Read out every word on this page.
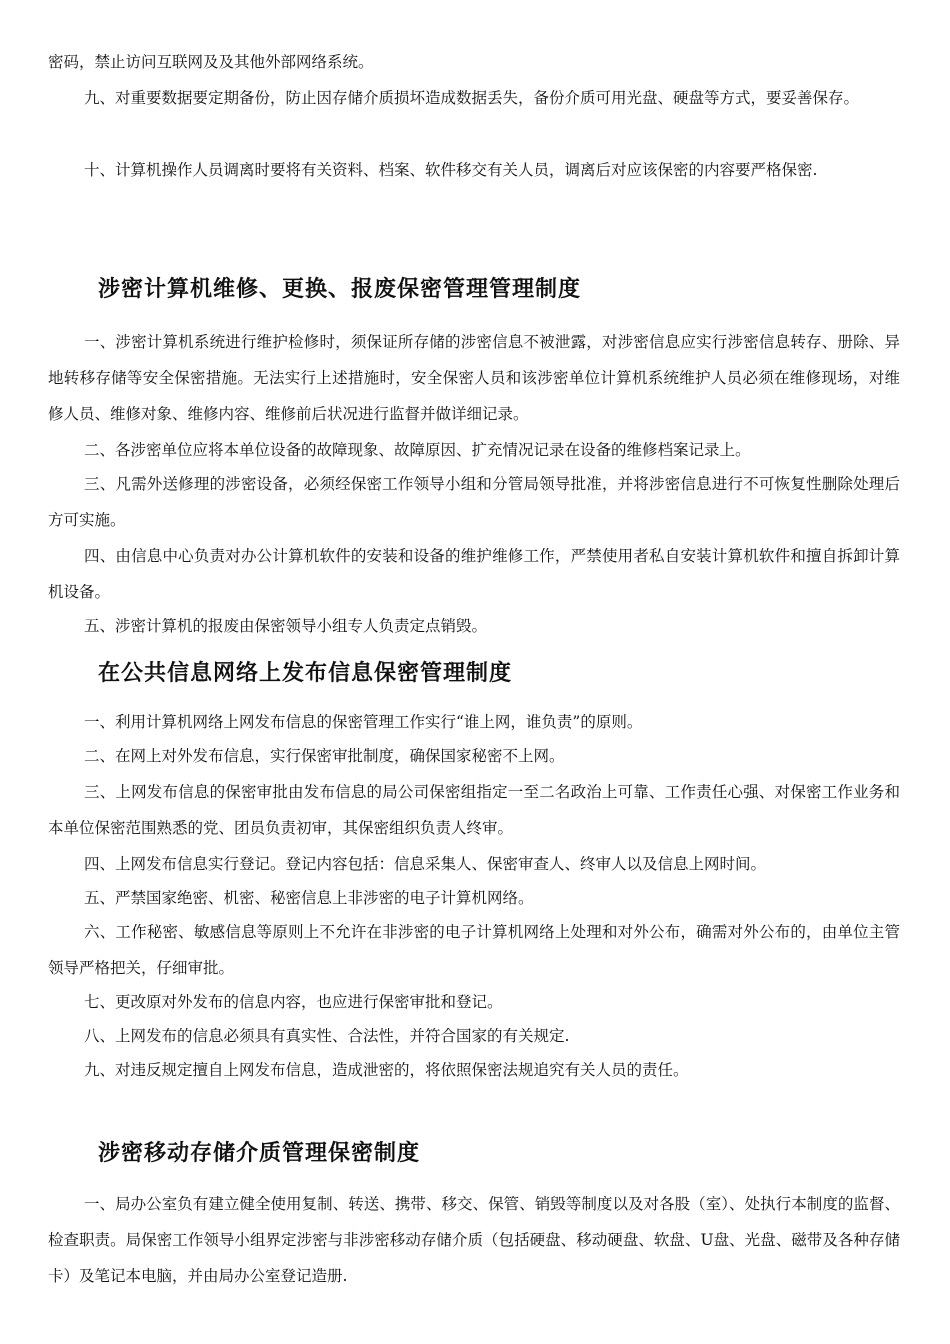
密码，禁止访问互联网及及其他外部网络系统。

九、对重要数据要定期备份，防止因存储介质损坏造成数据丢失，备份介质可用光盘、硬盘等方式，要妥善保存。

十、计算机操作人员调离时要将有关资料、档案、软件移交有关人员，调离后对应该保密的内容要严格保密.

涉密计算机维修、更换、报废保密管理管理制度

一、涉密计算机系统进行维护检修时，须保证所存储的涉密信息不被泄露，对涉密信息应实行涉密信息转存、册除、异地转移存储等安全保密措施。无法实行上述措施时，安全保密人员和该涉密单位计算机系统维护人员必须在维修现场，对维修人员、维修对象、维修内容、维修前后状况进行监督并做详细记录。

二、各涉密单位应将本单位设备的故障现象、故障原因、扩充情况记录在设备的维修档案记录上。

三、凡需外送修理的涉密设备，必须经保密工作领导小组和分管局领导批准，并将涉密信息进行不可恢复性删除处理后方可实施。

四、由信息中心负责对办公计算机软件的安装和设备的维护维修工作，严禁使用者私自安装计算机软件和擅自拆卸计算机设备。

五、涉密计算机的报废由保密领导小组专人负责定点销毁。

在公共信息网络上发布信息保密管理制度

一、利用计算机网络上网发布信息的保密管理工作实行“谁上网，谁负责”的原则。

二、在网上对外发布信息，实行保密审批制度，确保国家秘密不上网。

三、上网发布信息的保密审批由发布信息的局公司保密组指定一至二名政治上可靠、工作责任心强、对保密工作业务和本单位保密范围熟悉的党、团员负责初审，其保密组织负责人终审。

四、上网发布信息实行登记。登记内容包括：信息采集人、保密审查人、终审人以及信息上网时间。

五、严禁国家绝密、机密、秘密信息上非涉密的电子计算机网络。

六、工作秘密、敏感信息等原则上不允许在非涉密的电子计算机网络上处理和对外公布，确需对外公布的，由单位主管领导严格把关，仔细审批。

七、更改原对外发布的信息内容，也应进行保密审批和登记。

八、上网发布的信息必须具有真实性、合法性，并符合国家的有关规定.

九、对违反规定擅自上网发布信息，造成泄密的，将依照保密法规追究有关人员的责任。

涉密移动存储介质管理保密制度

一、局办公室负有建立健全使用复制、转送、携带、移交、保管、销毁等制度以及对各股（室）、处执行本制度的监督、检查职责。局保密工作领导小组界定涉密与非涉密移动存储介质（包括硬盘、移动硬盘、软盘、U盘、光盘、磁带及各种存储卡）及笔记本电脑，并由局办公室登记造册.
